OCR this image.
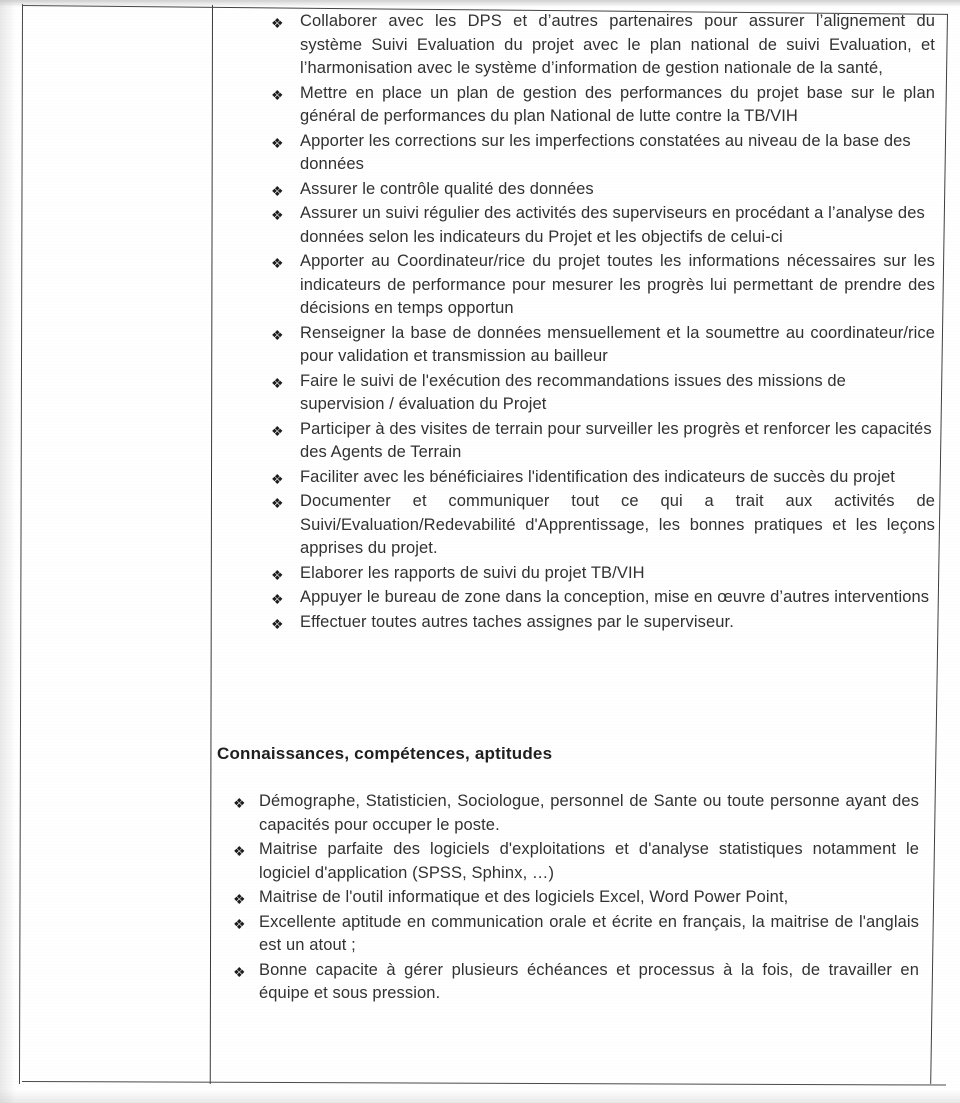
❖ Collaborer avec les DPS et d’autres partenaires pour assurer l’alignement du système Suivi Evaluation du projet avec le plan national de suivi Evaluation, et l’harmonisation avec le système d’information de gestion nationale de la santé,
❖ Mettre en place un plan de gestion des performances du projet base sur le plan général de performances du plan National de lutte contre la TB/VIH
❖ Apporter les corrections sur les imperfections constatées au niveau de la base des données
❖ Assurer le contrôle qualité des données
❖ Assurer un suivi régulier des activités des superviseurs en procédant a l’analyse des données selon les indicateurs du Projet et les objectifs de celui-ci
❖ Apporter au Coordinateur/rice du projet toutes les informations nécessaires sur les indicateurs de performance pour mesurer les progrès lui permettant de prendre des décisions en temps opportun
❖ Renseigner la base de données mensuellement et la soumettre au coordinateur/rice pour validation et transmission au bailleur
❖ Faire le suivi de l'exécution des recommandations issues des missions de supervision / évaluation du Projet
❖ Participer à des visites de terrain pour surveiller les progrès et renforcer les capacités des Agents de Terrain
❖ Faciliter avec les bénéficiaires l'identification des indicateurs de succès du projet
❖ Documenter et communiquer tout ce qui a trait aux activités de Suivi/Evaluation/Redevabilité d'Apprentissage, les bonnes pratiques et les leçons apprises du projet.
❖ Elaborer les rapports de suivi du projet TB/VIH
❖ Appuyer le bureau de zone dans la conception, mise en œuvre d’autres interventions
❖ Effectuer toutes autres taches assignes par le superviseur.
Connaissances, compétences, aptitudes
❖ Démographe, Statisticien, Sociologue, personnel de Sante ou toute personne ayant des capacités pour occuper le poste.
❖ Maitrise parfaite des logiciels d'exploitations et d'analyse statistiques notamment le logiciel d'application (SPSS, Sphinx, …)
❖ Maitrise de l'outil informatique et des logiciels Excel, Word Power Point,
❖ Excellente aptitude en communication orale et écrite en français, la maitrise de l'anglais est un atout ;
❖ Bonne capacite à gérer plusieurs échéances et processus à la fois, de travailler en équipe et sous pression.
